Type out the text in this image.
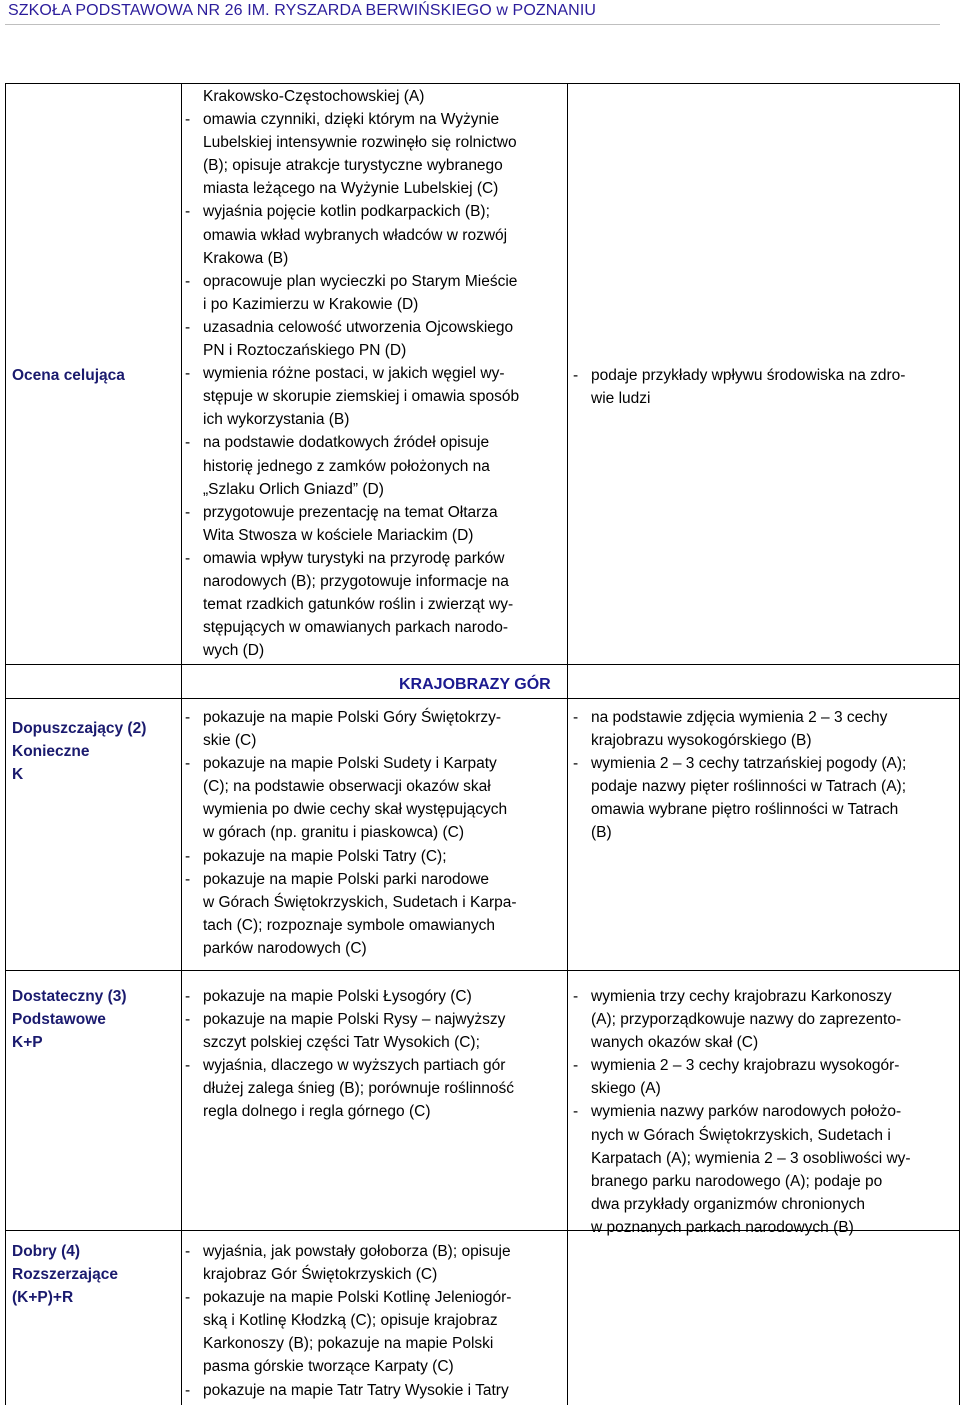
SZKOŁA PODSTAWOWA NR 26 IM. RYSZARDA BERWIŃSKIEGO w POZNANIU
Ocena celująca
Dopuszczający (2)
Konieczne
K
Dostateczny (3)
Podstawowe
K+P
Dobry (4)
Rozszerzające
(K+P)+R
KRAJOBRAZY GÓR
Krakowsko-Częstochowskiej (A)
- omawia czynniki, dzięki którym na Wyżynie
Lubelskiej intensywnie rozwinęło się rolnictwo
(B); opisuje atrakcje turystyczne wybranego
miasta leżącego na Wyżynie Lubelskiej (C)
- wyjaśnia pojęcie kotlin podkarpackich (B);
omawia wkład wybranych władców w rozwój
Krakowa (B)
- opracowuje plan wycieczki po Starym Mieście
i po Kazimierzu w Krakowie (D)
- uzasadnia celowość utworzenia Ojcowskiego
PN i Roztoczańskiego PN (D)
- wymienia różne postaci, w jakich węgiel wy-
stępuje w skorupie ziemskiej i omawia sposób
ich wykorzystania (B)
- na podstawie dodatkowych źródeł opisuje
historię jednego z zamków położonych na
„Szlaku Orlich Gniazd” (D)
- przygotowuje prezentację na temat Ołtarza
Wita Stwosza w kościele Mariackim (D)
- omawia wpływ turystyki na przyrodę parków
narodowych (B); przygotowuje informacje na
temat rzadkich gatunków roślin i zwierząt wy-
stępujących w omawianych parkach narodo-
wych (D)
- podaje przykłady wpływu środowiska na zdro-
wie ludzi
- pokazuje na mapie Polski Góry Świętokrzy-
skie (C)
- pokazuje na mapie Polski Sudety i Karpaty
(C); na podstawie obserwacji okazów skał
wymienia po dwie cechy skał występujących
w górach (np. granitu i piaskowca) (C)
- pokazuje na mapie Polski Tatry (C);
- pokazuje na mapie Polski parki narodowe
w Górach Świętokrzyskich, Sudetach i Karpa-
tach (C); rozpoznaje symbole omawianych
parków narodowych (C)
- na podstawie zdjęcia wymienia 2 – 3 cechy
krajobrazu wysokogórskiego (B)
- wymienia 2 – 3 cechy tatrzańskiej pogody (A);
podaje nazwy pięter roślinności w Tatrach (A);
omawia wybrane piętro roślinności w Tatrach
(B)
- pokazuje na mapie Polski Łysogóry (C)
- pokazuje na mapie Polski Rysy – najwyższy
szczyt polskiej części Tatr Wysokich (C);
- wyjaśnia, dlaczego w wyższych partiach gór
dłużej zalega śnieg (B); porównuje roślinność
regla dolnego i regla górnego (C)
- wymienia trzy cechy krajobrazu Karkonoszy
(A); przyporządkowuje nazwy do zaprezento-
wanych okazów skał (C)
- wymienia 2 – 3 cechy krajobrazu wysokogór-
skiego (A)
- wymienia nazwy parków narodowych położo-
nych w Górach Świętokrzyskich, Sudetach i
Karpatach (A); wymienia 2 – 3 osobliwości wy-
branego parku narodowego (A); podaje po
dwa przykłady organizmów chronionych
w poznanych parkach narodowych (B)
- wyjaśnia, jak powstały gołoborza (B); opisuje
krajobraz Gór Świętokrzyskich (C)
- pokazuje na mapie Polski Kotlinę Jeleniogór-
ską i Kotlinę Kłodzką (C); opisuje krajobraz
Karkonoszy (B); pokazuje na mapie Polski
pasma górskie tworzące Karpaty (C)
- pokazuje na mapie Tatr Tatry Wysokie i Tatry
